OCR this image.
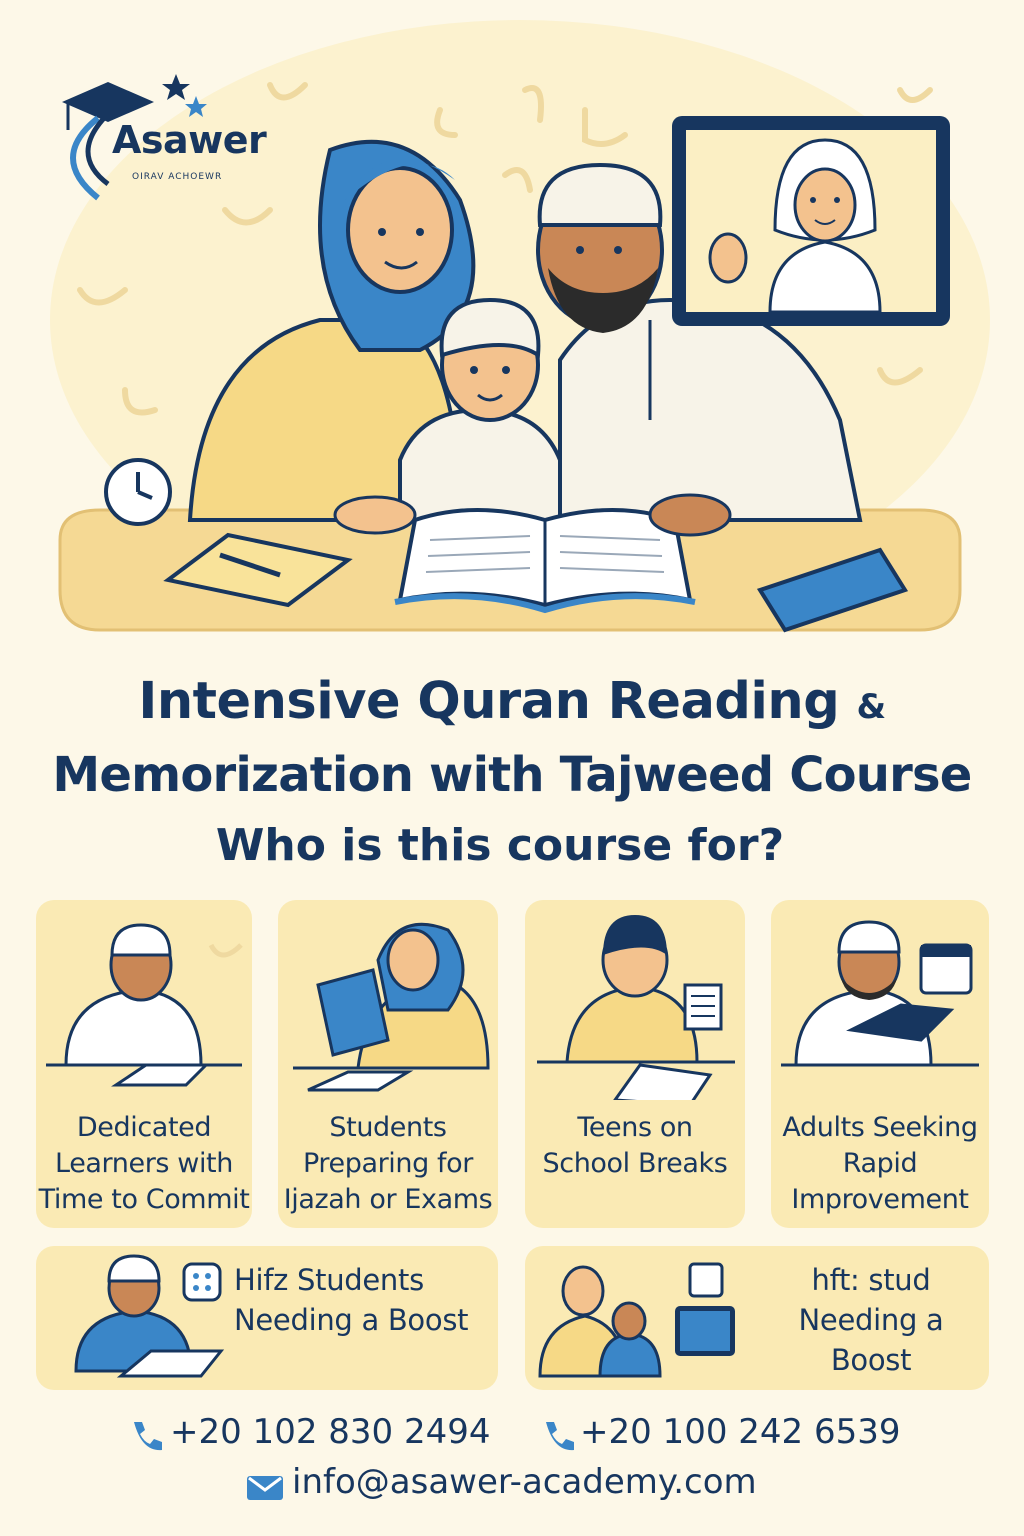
Asawer
OIRAV ACHOEWR
Intensive Quran Reading &
Memorization with Tajweed Course
Who is this course for?
Dedicated
Learners with
Time to Commit
Students
Preparing for
Ijazah or Exams
Teens on
School Breaks
Adults Seeking
Rapid
Improvement
Hifz Students
Needing a Boost
hft: stud
Needing a
Boost
+20 102 830 2494	+20 100 242 6539
info@asawer-academy.com
